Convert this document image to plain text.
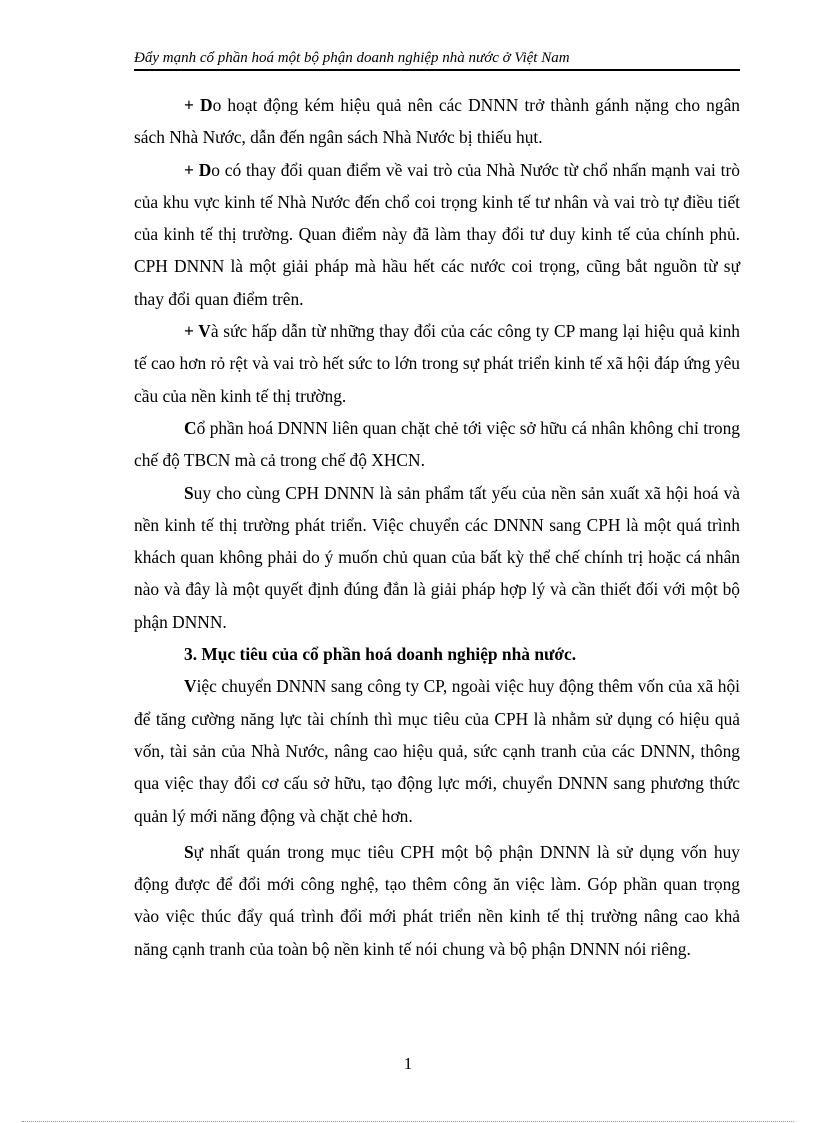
Đẩy mạnh cổ phần hoá một bộ phận doanh nghiệp nhà nước ở Việt Nam

+ Do hoạt động kém hiệu quả nên các DNNN trở thành gánh nặng cho ngân sách Nhà Nước, dẫn đến ngân sách Nhà Nước bị thiếu hụt.

+ Do có thay đổi quan điểm về vai trò của Nhà Nước từ chổ nhấn mạnh vai trò của khu vực kinh tế Nhà Nước đến chổ coi trọng kinh tế tư nhân và vai trò tự điều tiết của kinh tế thị trường. Quan điểm này đã làm thay đổi tư duy kinh tế của chính phủ. CPH DNNN là một giải pháp mà hầu hết các nước coi trọng, cũng bắt nguồn từ sự thay đổi quan điểm trên.

+ Và sức hấp dẫn từ những thay đổi của các công ty CP mang lại hiệu quả kinh tế cao hơn rỏ rệt và vai trò hết sức to lớn trong sự phát triển kinh tế xã hội đáp ứng yêu cầu của nền kinh tế thị trường.

Cổ phần hoá DNNN liên quan chặt chẻ tới việc sở hữu cá nhân không chỉ trong chế độ TBCN mà cả trong chế độ XHCN.

Suy cho cùng CPH DNNN là sản phẩm tất yếu của nền sản xuất xã hội hoá và nền kinh tế thị trường phát triển. Việc chuyển các DNNN sang CPH là một quá trình khách quan không phải do ý muốn chủ quan của bất kỳ thể chế chính trị hoặc cá nhân nào và đây là một quyết định đúng đắn là giải pháp hợp lý và cần thiết đối với một bộ phận DNNN.

3. Mục tiêu của cổ phần hoá doanh nghiệp nhà nước.

Việc chuyển DNNN sang công ty CP, ngoài việc huy động thêm vốn của xã hội để tăng cường năng lực tài chính thì mục tiêu của CPH là nhằm sử dụng có hiệu quả vốn, tài sản của Nhà Nước, nâng cao hiệu quả, sức cạnh tranh của các DNNN, thông qua việc thay đổi cơ cấu sở hữu, tạo động lực mới, chuyển DNNN sang phương thức quản lý mới năng động và chặt chẻ hơn.

Sự nhất quán trong mục tiêu CPH một bộ phận DNNN là sử dụng vốn huy động được để đổi mới công nghệ, tạo thêm công ăn việc làm. Góp phần quan trọng vào việc thúc đẩy quá trình đổi mới phát triển nền kinh tế thị trường nâng cao khả năng cạnh tranh của toàn bộ nền kinh tế nói chung và bộ phận DNNN nói riêng.

1
